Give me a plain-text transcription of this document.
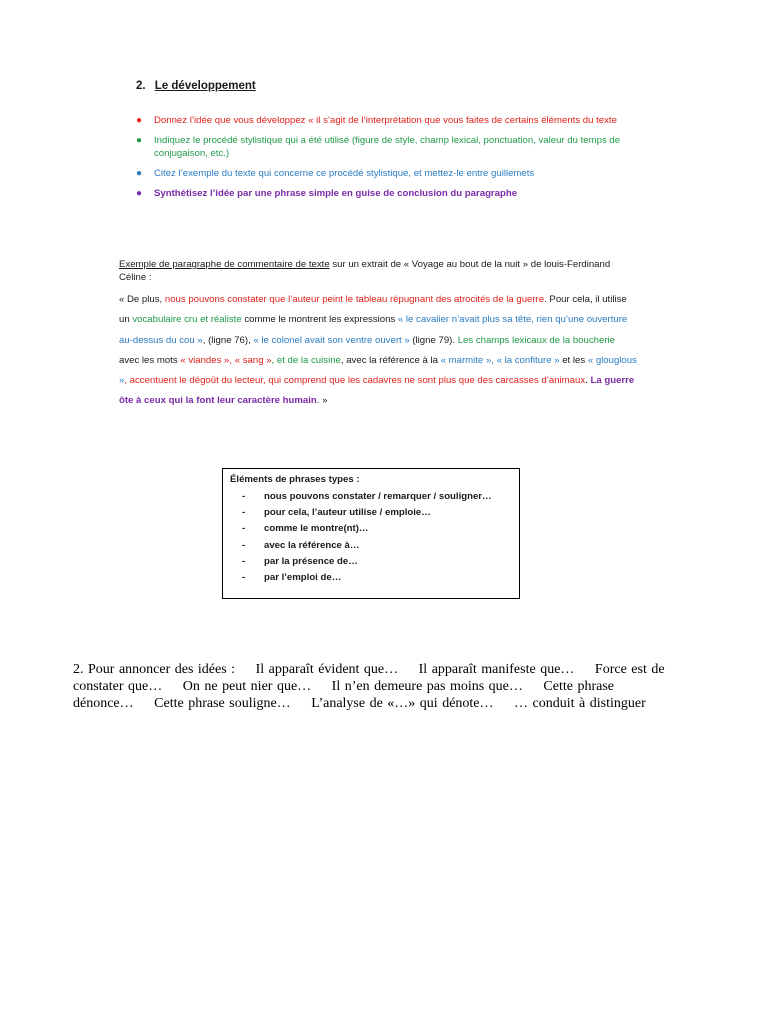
2. Le développement
● Donnez l’idée que vous développez « il s’agit de l’interprétation que vous faites de certains éléments du texte
● Indiquez le procédé stylistique qui a été utilisé (figure de style, champ lexical, ponctuation, valeur du temps de conjugaison, etc.)
● Citez l’exemple du texte qui concerne ce procédé stylistique, et mettez-le entre guillemets
● Synthétisez l’idée par une phrase simple en guise de conclusion du paragraphe
Exemple de paragraphe de commentaire de texte sur un extrait de « Voyage au bout de la nuit » de louis-Ferdinand Céline :
« De plus, nous pouvons constater que l’auteur peint le tableau répugnant des atrocités de la guerre. Pour cela, il utilise un vocabulaire cru et réaliste comme le montrent les expressions « le cavalier n’avait plus sa tête, rien qu’une ouverture au-dessus du cou », (ligne 76), « le colonel avait son ventre ouvert » (ligne 79). Les champs lexicaux de la boucherie avec les mots « viandes », « sang », et de la cuisine, avec la référence à la « marmite », « la confiture » et les « glouglous », accentuent le dégoût du lecteur, qui comprend que les cadavres ne sont plus que des carcasses d’animaux. La guerre ôte à ceux qui la font leur caractère humain. »
Éléments de phrases types :
- nous pouvons constater / remarquer / souligner…
- pour cela, l’auteur utilise / emploie…
- comme le montre(nt)…
- avec la référence à…
- par la présence de…
- par l’emploi de…
2. Pour annoncer des idées : Il apparaît évident que… Il apparaît manifeste que… Force est de constater que… On ne peut nier que… Il n’en demeure pas moins que… Cette phrase dénonce… Cette phrase souligne… L’analyse de «…» qui dénote… … conduit à distinguer
